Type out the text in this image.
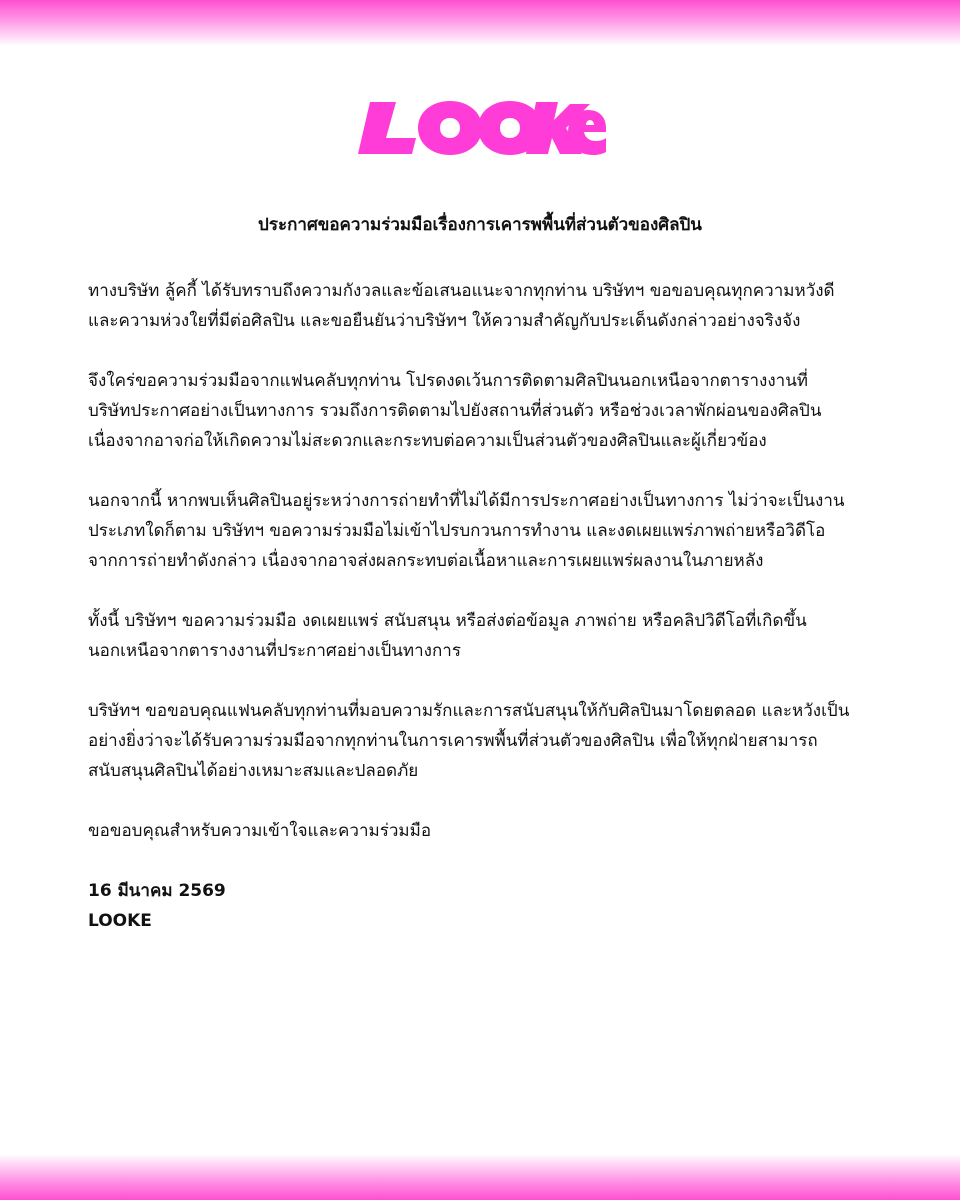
ประกาศขอความร่วมมือเรื่องการเคารพพื้นที่ส่วนตัวของศิลปิน

ทางบริษัท ลู้คกี้ ได้รับทราบถึงความกังวลและข้อเสนอแนะจากทุกท่าน บริษัทฯ ขอขอบคุณทุกความหวังดี
และความห่วงใยที่มีต่อศิลปิน และขอยืนยันว่าบริษัทฯ ให้ความสำคัญกับประเด็นดังกล่าวอย่างจริงจัง

จึงใคร่ขอความร่วมมือจากแฟนคลับทุกท่าน โปรดงดเว้นการติดตามศิลปินนอกเหนือจากตารางงานที่
บริษัทประกาศอย่างเป็นทางการ รวมถึงการติดตามไปยังสถานที่ส่วนตัว หรือช่วงเวลาพักผ่อนของศิลปิน
เนื่องจากอาจก่อให้เกิดความไม่สะดวกและกระทบต่อความเป็นส่วนตัวของศิลปินและผู้เกี่ยวข้อง

นอกจากนี้ หากพบเห็นศิลปินอยู่ระหว่างการถ่ายทำที่ไม่ได้มีการประกาศอย่างเป็นทางการ ไม่ว่าจะเป็นงาน
ประเภทใดก็ตาม บริษัทฯ ขอความร่วมมือไม่เข้าไปรบกวนการทำงาน และงดเผยแพร่ภาพถ่ายหรือวิดีโอ
จากการถ่ายทำดังกล่าว เนื่องจากอาจส่งผลกระทบต่อเนื้อหาและการเผยแพร่ผลงานในภายหลัง

ทั้งนี้ บริษัทฯ ขอความร่วมมือ งดเผยแพร่ สนับสนุน หรือส่งต่อข้อมูล ภาพถ่าย หรือคลิปวิดีโอที่เกิดขึ้น
นอกเหนือจากตารางงานที่ประกาศอย่างเป็นทางการ

บริษัทฯ ขอขอบคุณแฟนคลับทุกท่านที่มอบความรักและการสนับสนุนให้กับศิลปินมาโดยตลอด และหวังเป็น
อย่างยิ่งว่าจะได้รับความร่วมมือจากทุกท่านในการเคารพพื้นที่ส่วนตัวของศิลปิน เพื่อให้ทุกฝ่ายสามารถ
สนับสนุนศิลปินได้อย่างเหมาะสมและปลอดภัย

ขอขอบคุณสำหรับความเข้าใจและความร่วมมือ

16 มีนาคม 2569
LOOKE
